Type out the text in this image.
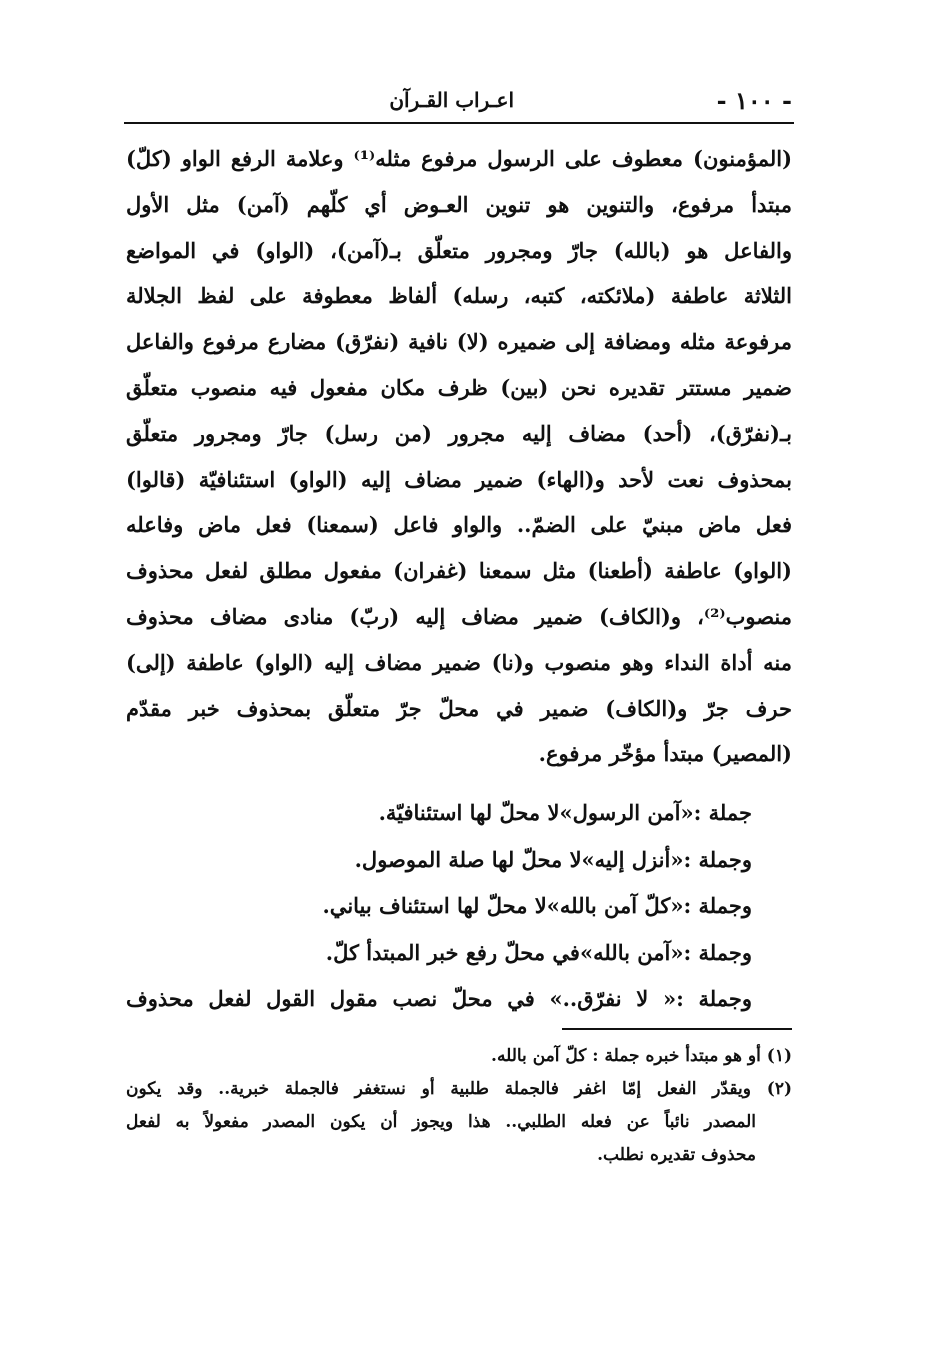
- ١٠٠ -
اعـراب القـرآن
(المؤمنون) معطوف على الرسول مرفوع مثله⁽¹⁾ وعلامة الرفع الواو (كلّ)
مبتدأ مرفوع، والتنوين هو تنوين العـوض أي كلّهم (آمن) مثل الأول
والفاعل هو (بالله) جارّ ومجرور متعلّق بـ(آمن)، (الواو) في المواضع
الثلاثة عاطفة (ملائكته، كتبه، رسله) ألفاظ معطوفة على لفظ الجلالة
مرفوعة مثله ومضافة إلى ضميره (لا) نافية (نفرّق) مضارع مرفوع والفاعل
ضمير مستتر تقديره نحن (بين) ظرف مكان مفعول فيه منصوب متعلّق
بـ(نفرّق)، (أحد) مضاف إليه مجرور (من رسل) جارّ ومجرور متعلّق
بمحذوف نعت لأحد و(الهاء) ضمير مضاف إليه (الواو) استئنافيّة (قالوا)
فعل ماض مبنيّ على الضمّ.. والواو فاعل (سمعنا) فعل ماض وفاعله
(الواو) عاطفة (أطعنا) مثل سمعنا (غفران) مفعول مطلق لفعل محذوف
منصوب⁽²⁾، و(الكاف) ضمير مضاف إليه (ربّ) منادى مضاف محذوف
منه أداة النداء وهو منصوب و(نا) ضمير مضاف إليه (الواو) عاطفة (إلى)
حرف جرّ و(الكاف) ضمير في محلّ جرّ متعلّق بمحذوف خبر مقدّم
(المصير) مبتدأ مؤخّر مرفوع.
جملة :«آمن الرسول»لا محلّ لها استئنافيّة.
وجملة :«أنزل إليه»لا محلّ لها صلة الموصول.
وجملة :«كلّ آمن بالله»لا محلّ لها استئناف بياني.
وجملة :«آمن بالله»في محلّ رفع خبر المبتدأ كلّ.
وجملة :« لا نفرّق..» في محلّ نصب مقول القول لفعل محذوف
(١) أو هو مبتدأ خبره جملة : كلّ آمن بالله.
(٢) ويقدّر الفعل إمّا اغفر فالجملة طلبية أو نستغفر فالجملة خبرية.. وقد يكون
المصدر نائباً عن فعله الطلبي.. هذا ويجوز أن يكون المصدر مفعولاً به لفعل
محذوف تقديره نطلب.
